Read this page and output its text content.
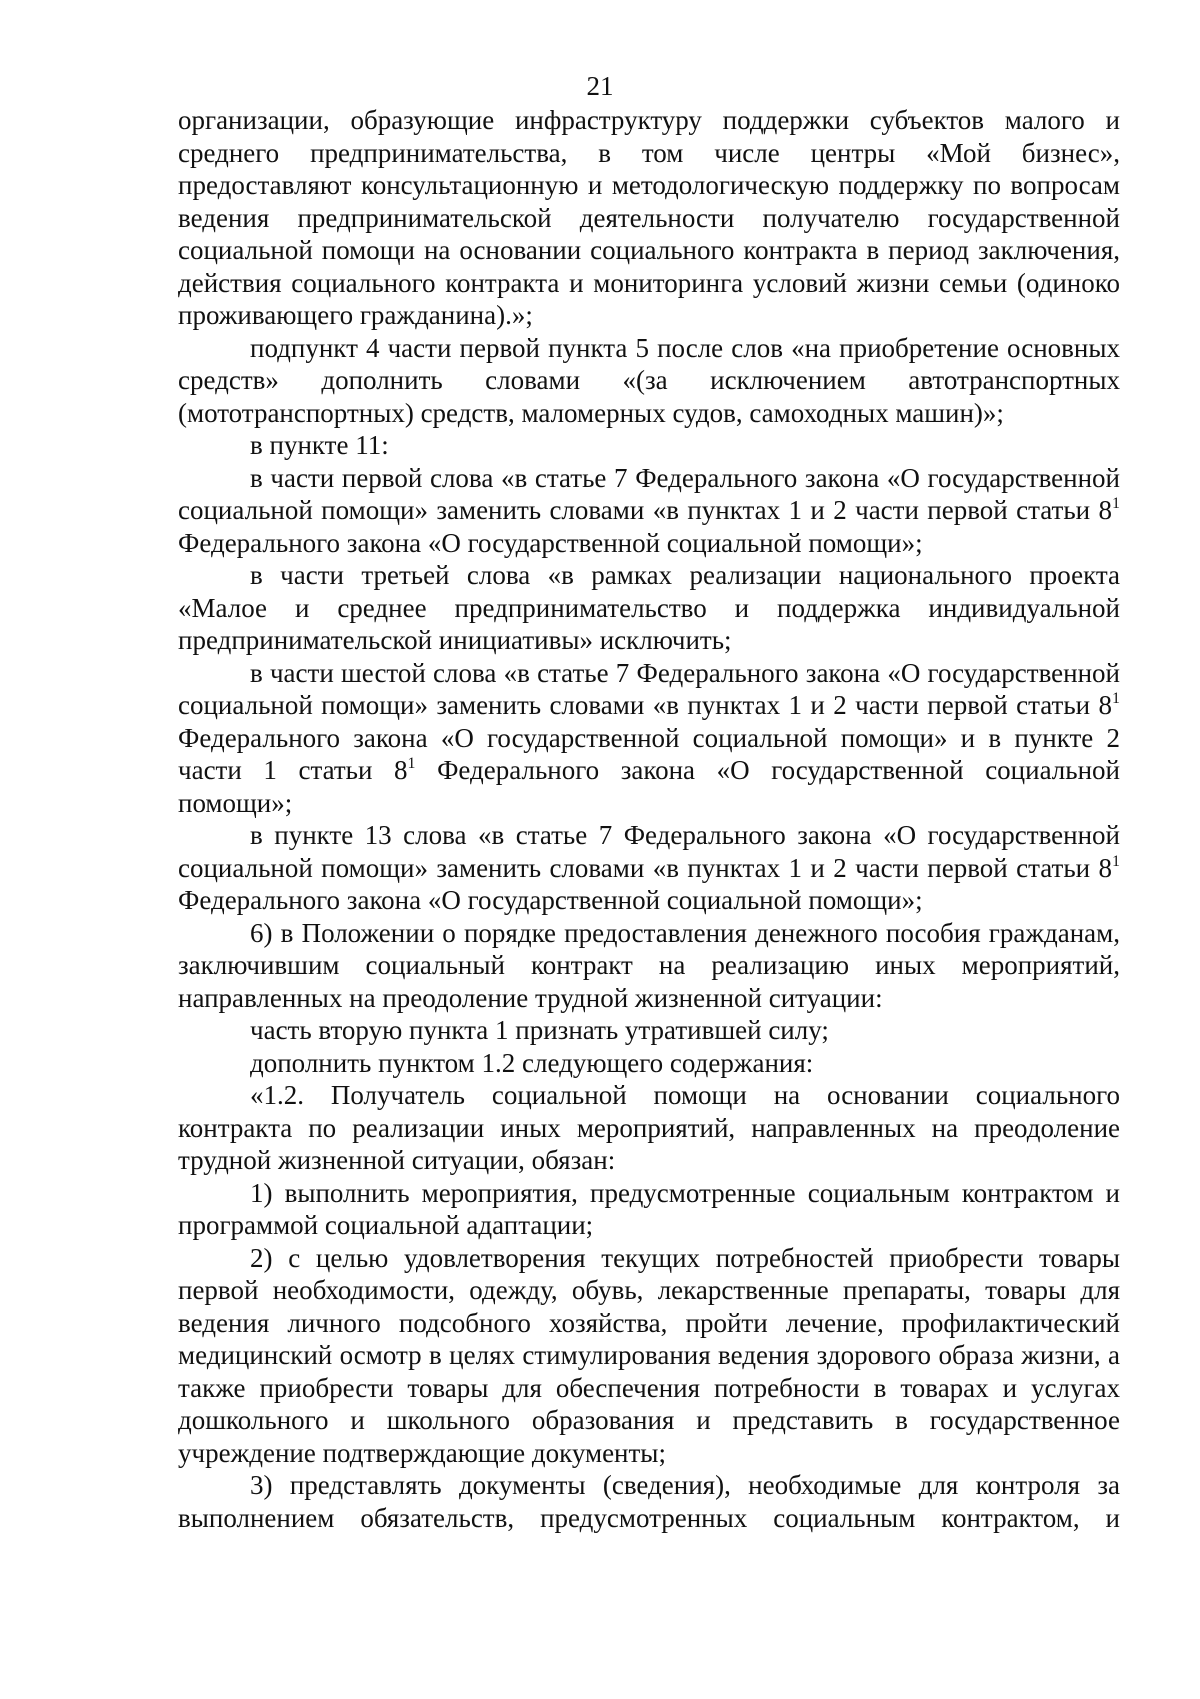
21

организации, образующие инфраструктуру поддержки субъектов малого и среднего предпринимательства, в том числе центры «Мой бизнес», предоставляют консультационную и методологическую поддержку по вопросам ведения предпринимательской деятельности получателю государственной социальной помощи на основании социального контракта в период заключения, действия социального контракта и мониторинга условий жизни семьи (одиноко проживающего гражданина).»;

подпункт 4 части первой пункта 5 после слов «на приобретение основных средств» дополнить словами «(за исключением автотранспортных (мототранспортных) средств, маломерных судов, самоходных машин)»;

в пункте 11:

в части первой слова «в статье 7 Федерального закона «О государственной социальной помощи» заменить словами «в пунктах 1 и 2 части первой статьи $8^1$ Федерального закона «О государственной социальной помощи»;

в части третьей слова «в рамках реализации национального проекта «Малое и среднее предпринимательство и поддержка индивидуальной предпринимательской инициативы» исключить;

в части шестой слова «в статье 7 Федерального закона «О государственной социальной помощи» заменить словами «в пунктах 1 и 2 части первой статьи $8^1$ Федерального закона «О государственной социальной помощи» и в пункте 2 части 1 статьи $8^1$ Федерального закона «О государственной социальной помощи»;

в пункте 13 слова «в статье 7 Федерального закона «О государственной социальной помощи» заменить словами «в пунктах 1 и 2 части первой статьи $8^1$ Федерального закона «О государственной социальной помощи»;

6) в Положении о порядке предоставления денежного пособия гражданам, заключившим социальный контракт на реализацию иных мероприятий, направленных на преодоление трудной жизненной ситуации:

часть вторую пункта 1 признать утратившей силу;

дополнить пунктом 1.2 следующего содержания:

«1.2. Получатель социальной помощи на основании социального контракта по реализации иных мероприятий, направленных на преодоление трудной жизненной ситуации, обязан:

1) выполнить мероприятия, предусмотренные социальным контрактом и программой социальной адаптации;

2) с целью удовлетворения текущих потребностей приобрести товары первой необходимости, одежду, обувь, лекарственные препараты, товары для ведения личного подсобного хозяйства, пройти лечение, профилактический медицинский осмотр в целях стимулирования ведения здорового образа жизни, а также приобрести товары для обеспечения потребности в товарах и услугах дошкольного и школьного образования и представить в государственное учреждение подтверждающие документы;

3) представлять документы (сведения), необходимые для контроля за выполнением обязательств, предусмотренных социальным контрактом, и
